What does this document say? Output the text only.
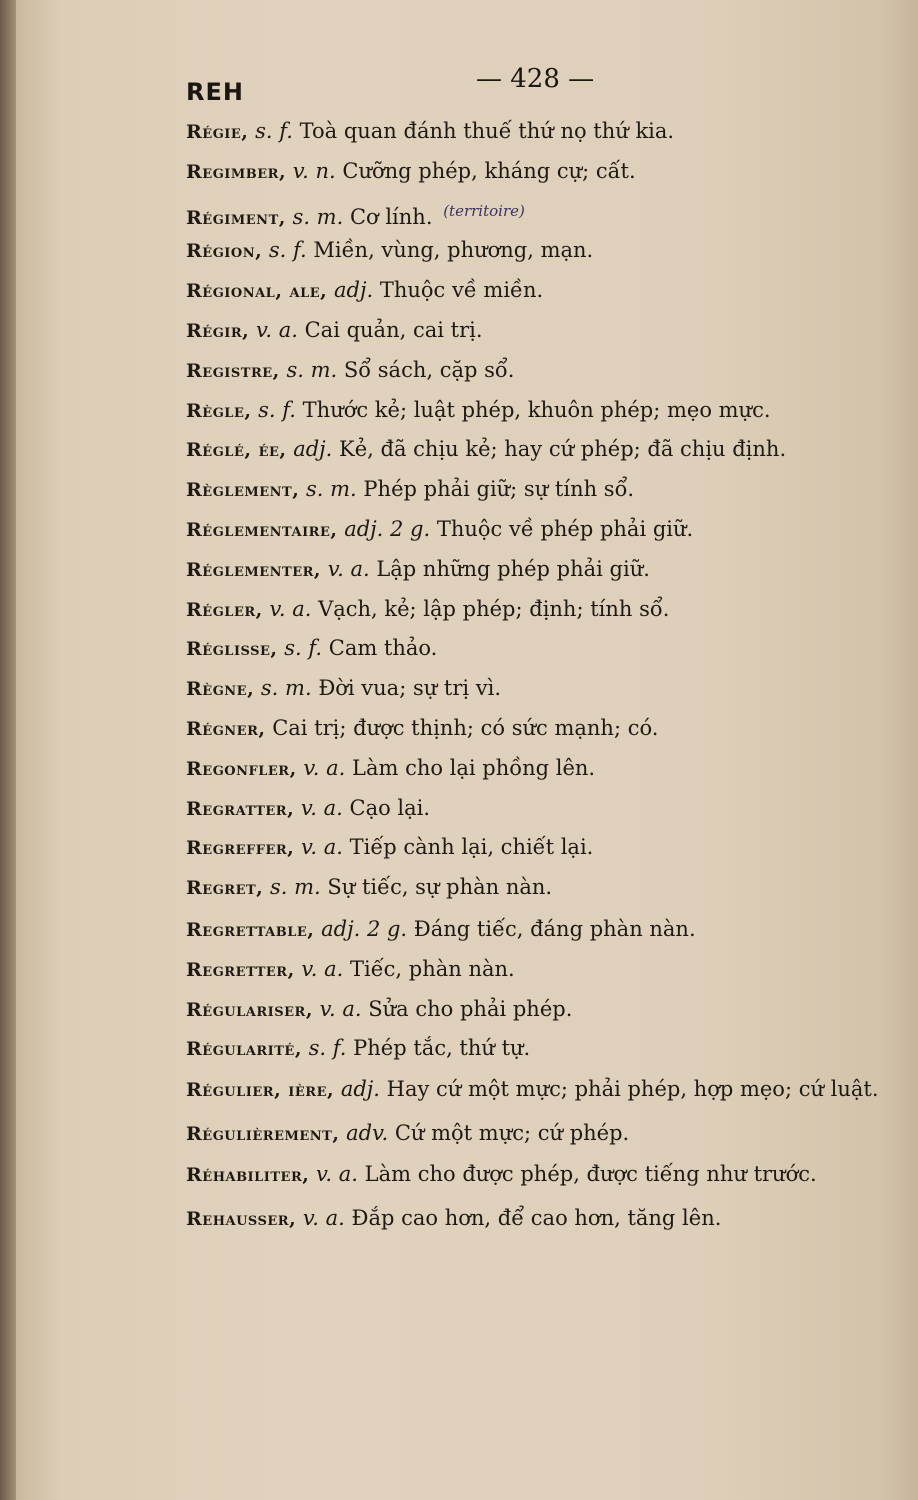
REH	— 428 —
Régie, s. f. Toà quan đánh thuế thứ nọ thứ kia.
Regimber, v. n. Cưỡng phép, kháng cự; cất.
Régiment, s. m. Cơ lính. $^{(territoire)}$
Région, s. f. Miền, vùng, phương, mạn.
Régional, ale, adj. Thuộc về miền.
Régir, v. a. Cai quản, cai trị.
Registre, s. m. Sổ sách, cặp sổ.
Règle, s. f. Thước kẻ; luật phép, khuôn phép; mẹo mực.
Réglé, ée, adj. Kẻ, đã chịu kẻ; hay cứ phép; đã chịu định.
Règlement, s. m. Phép phải giữ; sự tính sổ.
Réglementaire, adj. 2 g. Thuộc về phép phải giữ.
Réglementer, v. a. Lập những phép phải giữ.
Régler, v. a. Vạch, kẻ; lập phép; định; tính sổ.
Réglisse, s. f. Cam thảo.
Règne, s. m. Đời vua; sự trị vì.
Régner, Cai trị; được thịnh; có sức mạnh; có.
Regonfler, v. a. Làm cho lại phồng lên.
Regratter, v. a. Cạo lại.
Regreffer, v. a. Tiếp cành lại, chiết lại.
Regret, s. m. Sự tiếc, sự phàn nàn.
Regrettable, adj. 2 g. Đáng tiếc, đáng phàn nàn.
Regretter, v. a. Tiếc, phàn nàn.
Régulariser, v. a. Sửa cho phải phép.
Régularité, s. f. Phép tắc, thứ tự.
Régulier, ière, adj. Hay cứ một mực; phải phép, hợp mẹo; cứ luật.
Régulièrement, adv. Cứ một mực; cứ phép.
Réhabiliter, v. a. Làm cho được phép, được tiếng như trước.
Rehausser, v. a. Đắp cao hơn, để cao hơn, tăng lên.
